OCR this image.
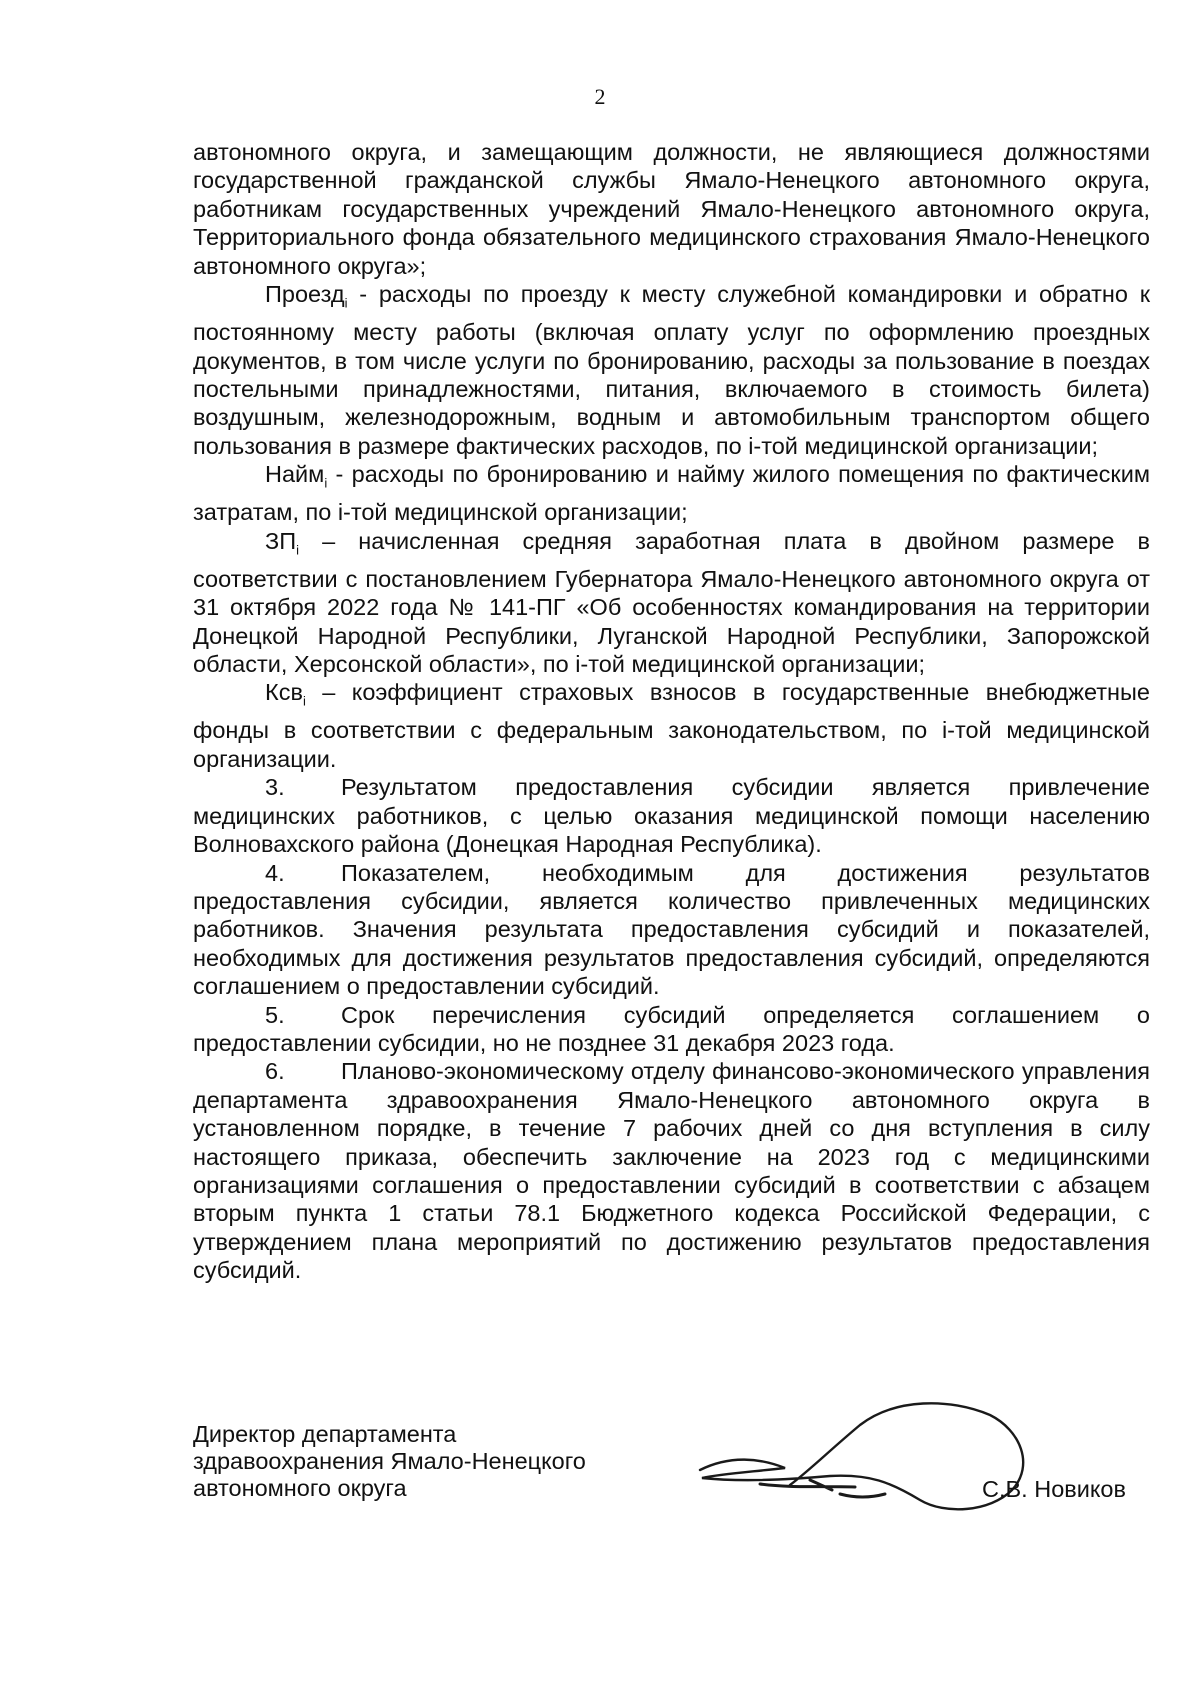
2

автономного округа, и замещающим должности, не являющиеся должностями государственной гражданской службы Ямало-Ненецкого автономного округа, работникам государственных учреждений Ямало-Ненецкого автономного округа, Территориального фонда обязательного медицинского страхования Ямало-Ненецкого автономного округа»;

Проезд$_i$ - расходы по проезду к месту служебной командировки и обратно к постоянному месту работы (включая оплату услуг по оформлению проездных документов, в том числе услуги по бронированию, расходы за пользование в поездах постельными принадлежностями, питания, включаемого в стоимость билета) воздушным, железнодорожным, водным и автомобильным транспортом общего пользования в размере фактических расходов, по i-той медицинской организации;

Найм$_i$ - расходы по бронированию и найму жилого помещения по фактическим затратам, по i-той медицинской организации;

$ЗП_i$ – начисленная средняя заработная плата в двойном размере в соответствии с постановлением Губернатора Ямало-Ненецкого автономного округа от 31 октября 2022 года № 141-ПГ «Об особенностях командирования на территории Донецкой Народной Республики, Луганской Народной Республики, Запорожской области, Херсонской области», по i-той медицинской организации;

Ксв$_i$ – коэффициент страховых взносов в государственные внебюджетные фонды в соответствии с федеральным законодательством, по i-той медицинской организации.

3. Результатом предоставления субсидии является привлечение медицинских работников, с целью оказания медицинской помощи населению Волновахского района (Донецкая Народная Республика).

4. Показателем, необходимым для достижения результатов предоставления субсидии, является количество привлеченных медицинских работников. Значения результата предоставления субсидий и показателей, необходимых для достижения результатов предоставления субсидий, определяются соглашением о предоставлении субсидий.

5. Срок перечисления субсидий определяется соглашением о предоставлении субсидии, но не позднее 31 декабря 2023 года.

6. Планово-экономическому отделу финансово-экономического управления департамента здравоохранения Ямало-Ненецкого автономного округа в установленном порядке, в течение 7 рабочих дней со дня вступления в силу настоящего приказа, обеспечить заключение на 2023 год с медицинскими организациями соглашения о предоставлении субсидий в соответствии с абзацем вторым пункта 1 статьи 78.1 Бюджетного кодекса Российской Федерации, с утверждением плана мероприятий по достижению результатов предоставления субсидий.

Директор департамента
здравоохранения Ямало-Ненецкого
автономного округа	С.В. Новиков
